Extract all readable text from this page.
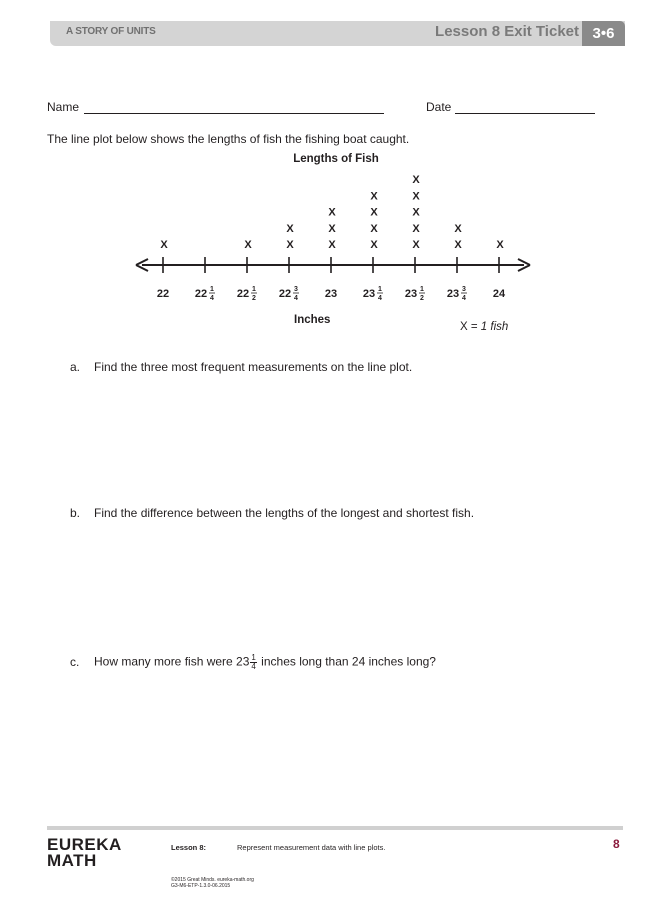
A STORY OF UNITS	Lesson 8 Exit Ticket 3•6
Name	Date
The line plot below shows the lengths of fish the fishing boat caught.
Lengths of Fish
22
X
22 1
4 22 1
2
X
22 3
4
X
X
23
X
X
X
23 1
4
X
X
X
X
23 1
2
X
X
X
X
X
23 3
4
X
X
24
X
Inches
X = 1 fish
a. Find the three most frequent measurements on the line plot.
b. Find the difference between the lengths of the longest and shortest fish.
c. How many more fish were $23 \frac{1}{4}$ inches long than 24 inches long?
EUREKA
MATH
Lesson 8:	Represent measurement data with line plots.	8
©2015 Great Minds. eureka-math.org
G3-M6-ETP-1.3.0-06.2015
